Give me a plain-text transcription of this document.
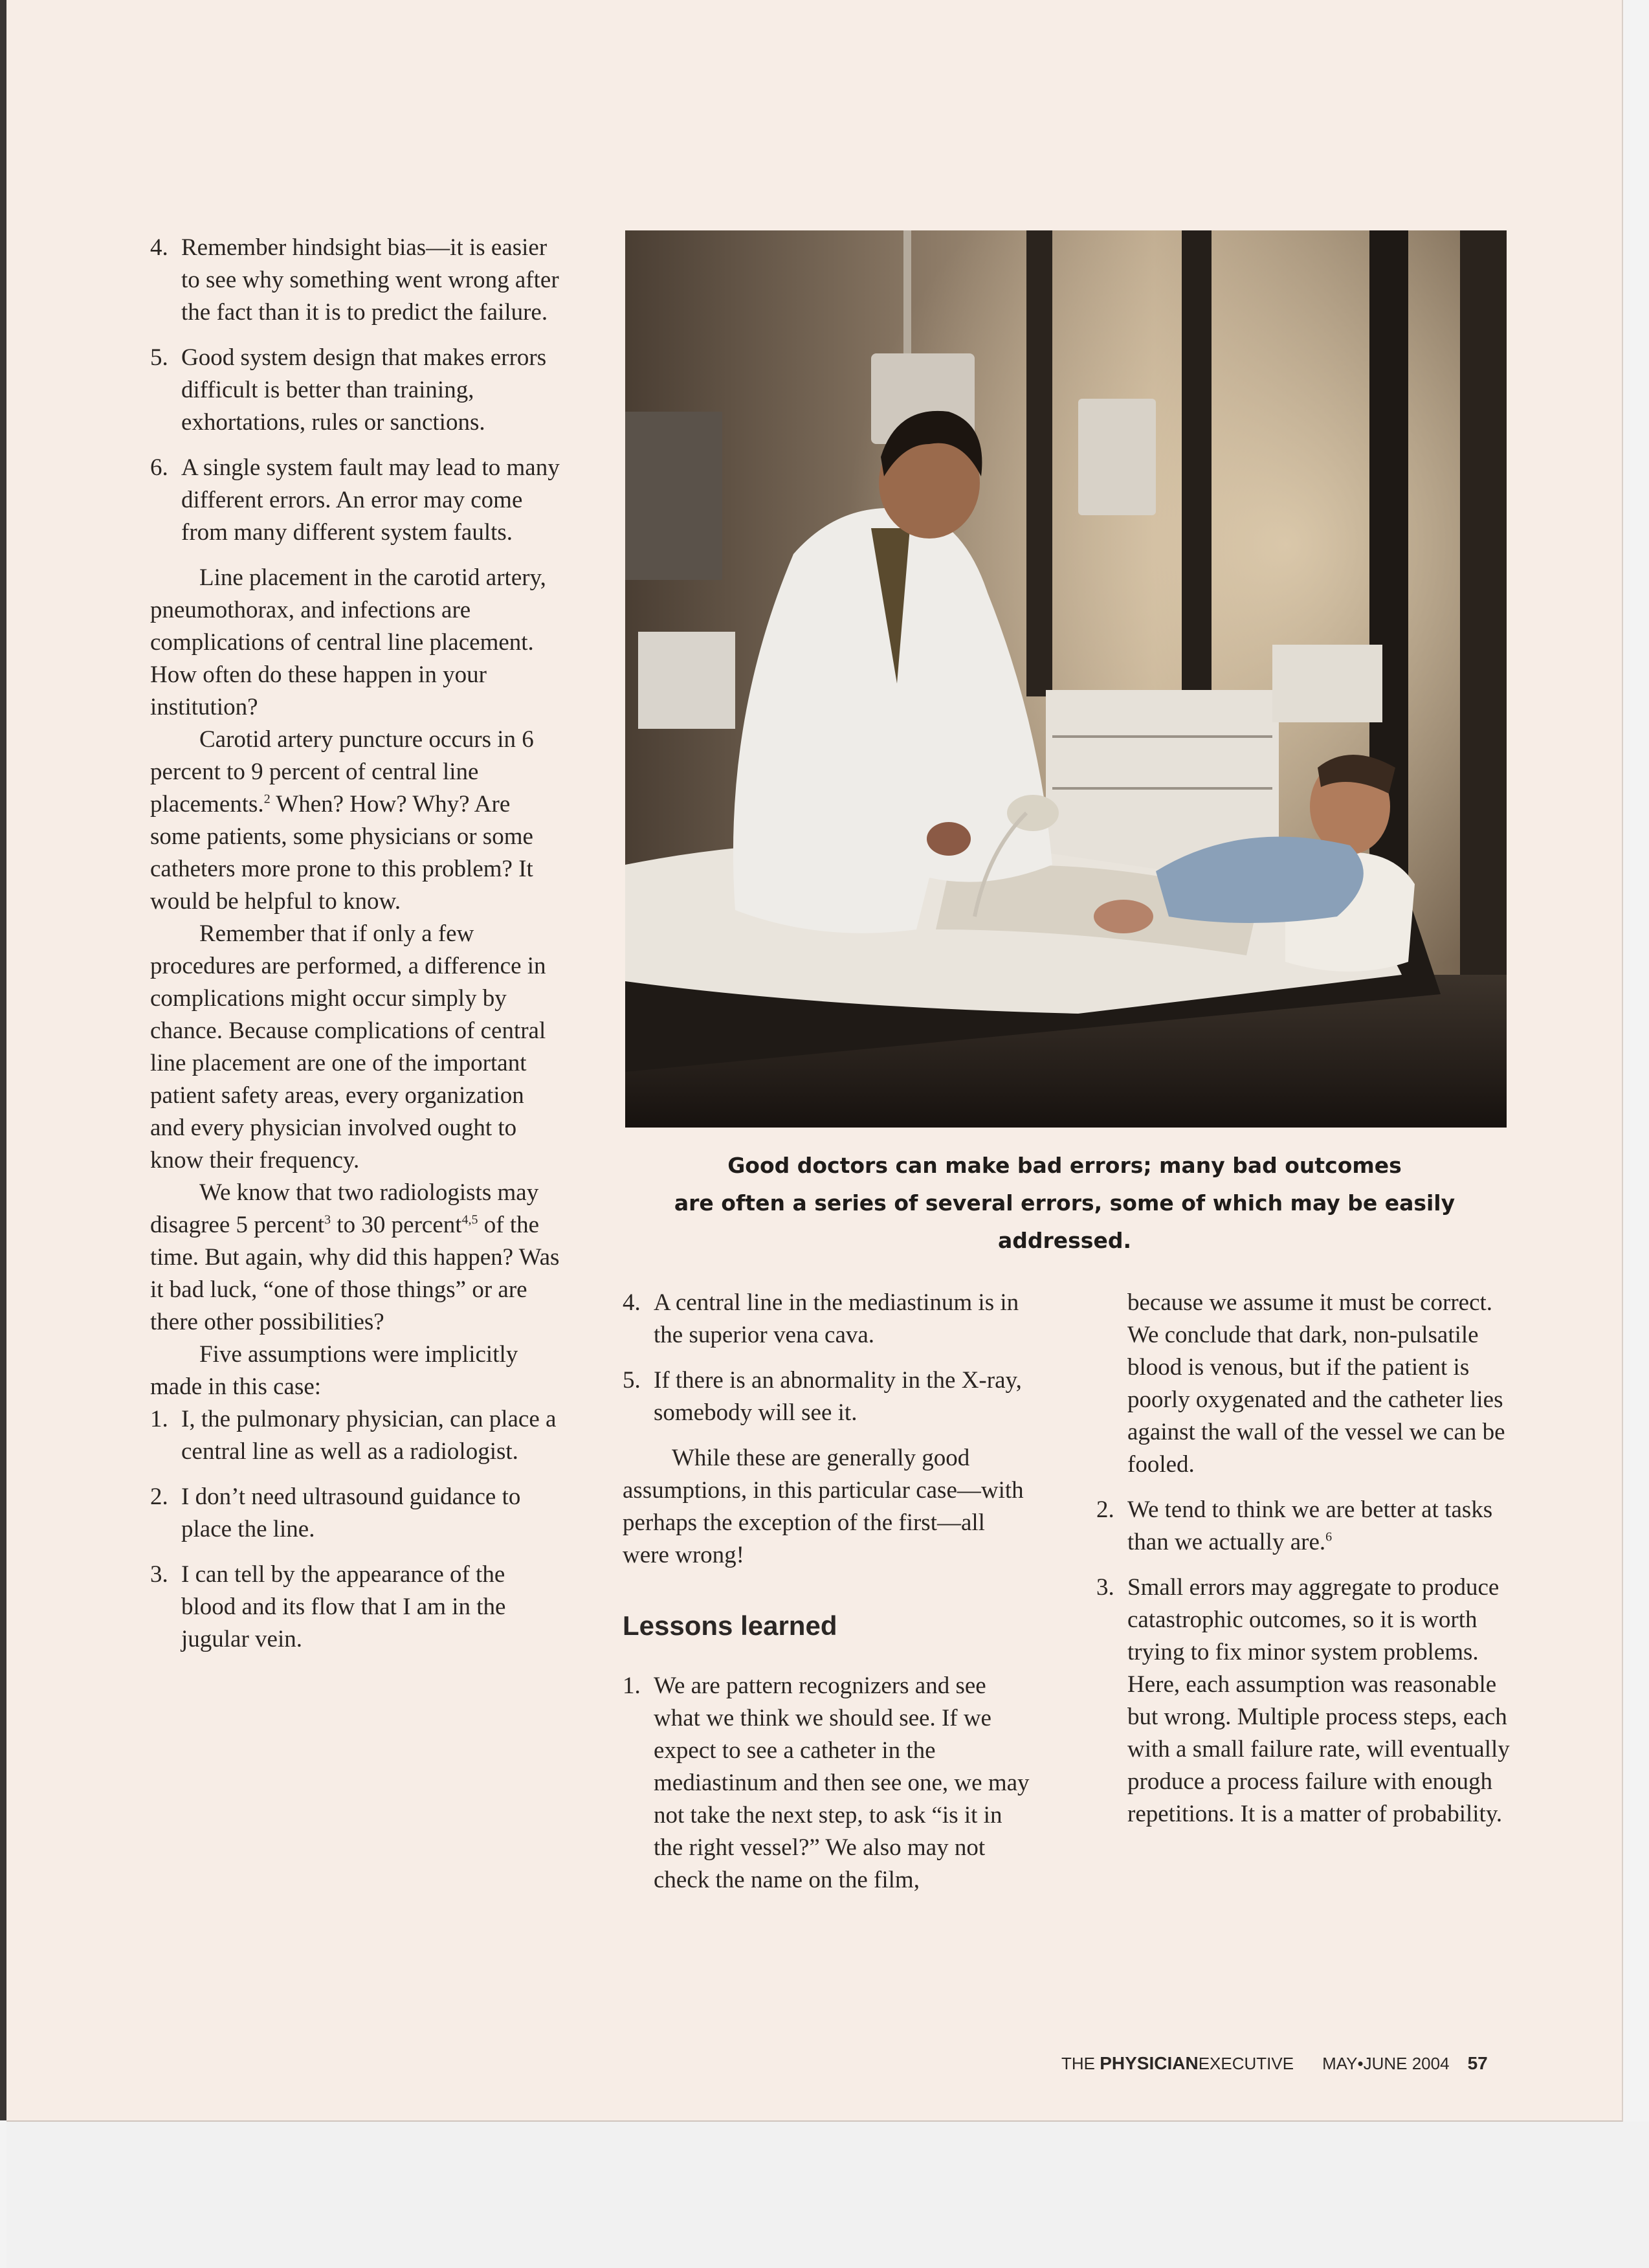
4. Remember hindsight bias—it is easier to see why something went wrong after the fact than it is to predict the failure.
5. Good system design that makes errors difficult is better than training, exhortations, rules or sanctions.
6. A single system fault may lead to many different errors. An error may come from many different system faults.

Line placement in the carotid artery, pneumothorax, and infections are complications of central line placement. How often do these happen in your institution?

Carotid artery puncture occurs in 6 percent to 9 percent of central line placements.$^2$ When? How? Why? Are some patients, some physicians or some catheters more prone to this problem? It would be helpful to know.

Remember that if only a few procedures are performed, a difference in complications might occur simply by chance. Because complications of central line placement are one of the important patient safety areas, every organization and every physician involved ought to know their frequency.

We know that two radiologists may disagree 5 percent$^3$ to 30 percent$^{4,5}$ of the time. But again, why did this happen? Was it bad luck, “one of those things” or are there other possibilities?

Five assumptions were implicitly made in this case:

1. I, the pulmonary physician, can place a central line as well as a radiologist.
2. I don’t need ultrasound guidance to place the line.
3. I can tell by the appearance of the blood and its flow that I am in the jugular vein.
Good doctors can make bad errors; many bad outcomes
are often a series of several errors, some of which may be easily addressed.
4. A central line in the mediastinum is in the superior vena cava.
5. If there is an abnormality in the X-ray, somebody will see it.

While these are generally good assumptions, in this particular case—with perhaps the exception of the first—all were wrong!

Lessons learned
1. We are pattern recognizers and see what we think we should see. If we expect to see a catheter in the mediastinum and then see one, we may not take the next step, to ask “is it in the right vessel?” We also may not check the name on the film,
because we assume it must be correct. We conclude that dark, non-pulsatile blood is venous, but if the patient is poorly oxygenated and the catheter lies against the wall of the vessel we can be fooled.
2. We tend to think we are better at tasks than we actually are.$^6$
3. Small errors may aggregate to produce catastrophic outcomes, so it is worth trying to fix minor system problems. Here, each assumption was reasonable but wrong. Multiple process steps, each with a small failure rate, will eventually produce a process failure with enough repetitions. It is a matter of probability.
THE PHYSICIANEXECUTIVE MAY•JUNE 2004 57
